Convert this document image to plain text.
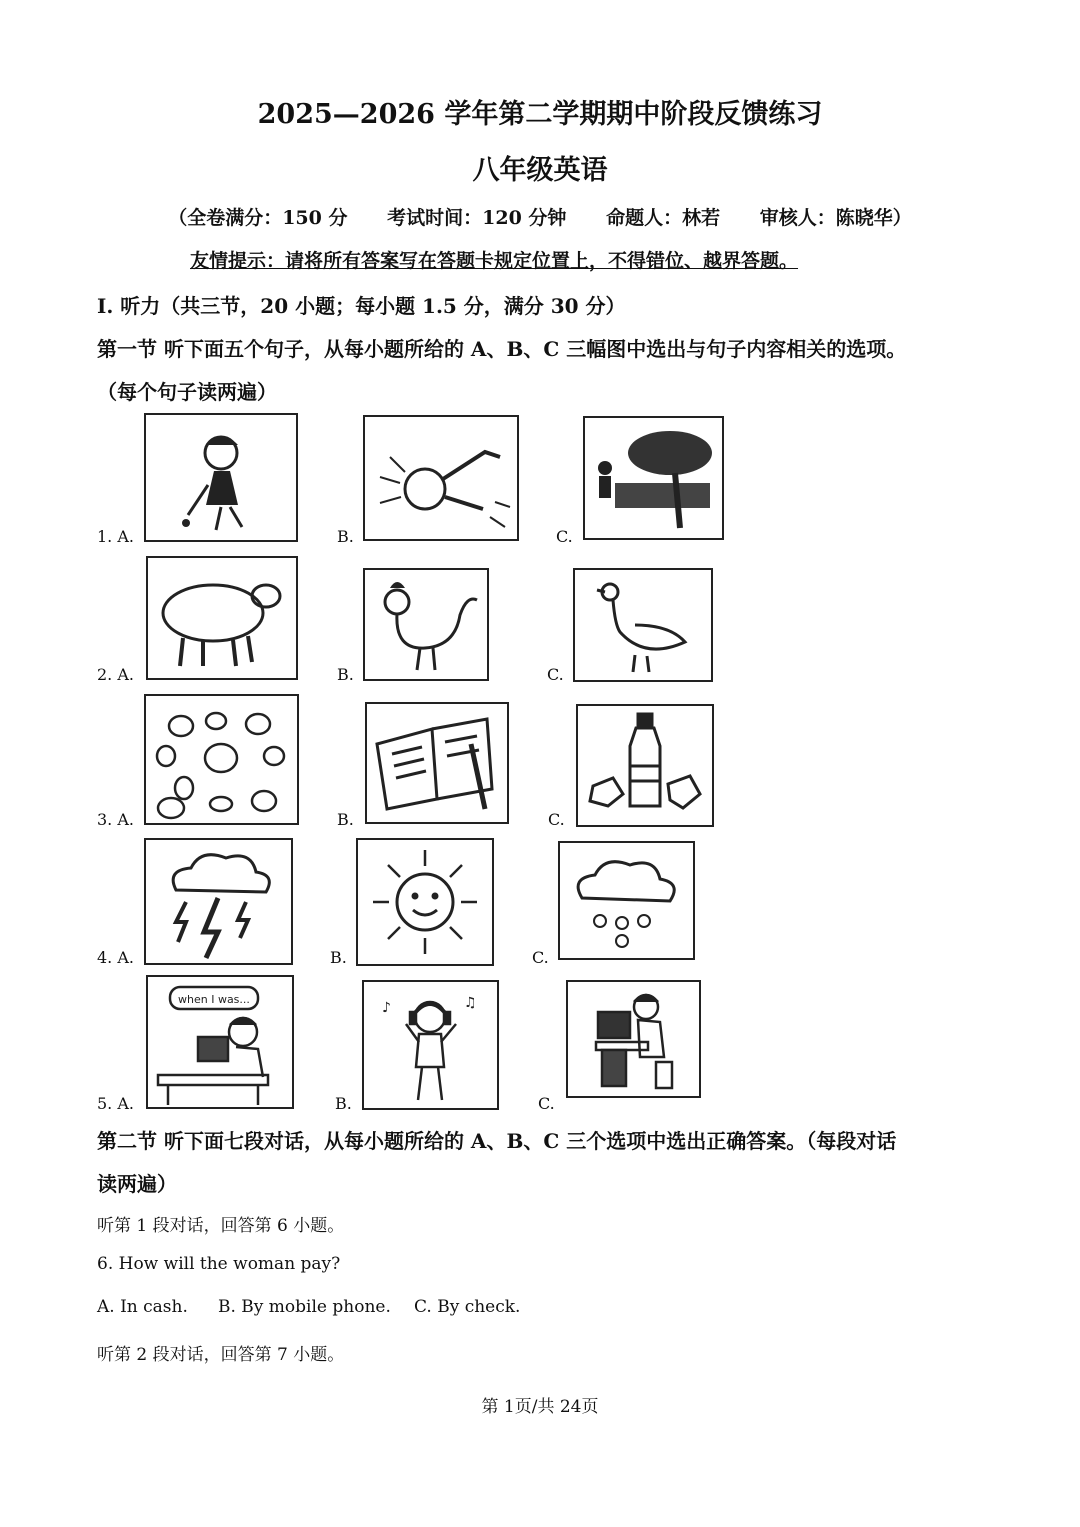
2025—2026 学年第二学期期中阶段反馈练习
八年级英语
（全卷满分：150 分      考试时间：120 分钟      命题人：林若      审核人：陈晓华）
友情提示：请将所有答案写在答题卡规定位置上，不得错位、越界答题。
I. 听力（共三节，20 小题；每小题 1.5 分，满分 30 分）
第一节 听下面五个句子，从每小题所给的 A、B、C 三幅图中选出与句子内容相关的选项。
（每个句子读两遍）
1. A.	B.	C.
2. A.	B.	C.
3. A.	B.	C.
4. A.	B.	C.
5. A.
when I was...
B.
♪	♫
C.
第二节 听下面七段对话，从每小题所给的 A、B、C 三个选项中选出正确答案。（每段对话
读两遍）
听第 1 段对话，回答第 6 小题。
6. How will the woman pay?
A. In cash. B. By mobile phone. C. By check.
听第 2 段对话，回答第 7 小题。
第 1页/共 24页
